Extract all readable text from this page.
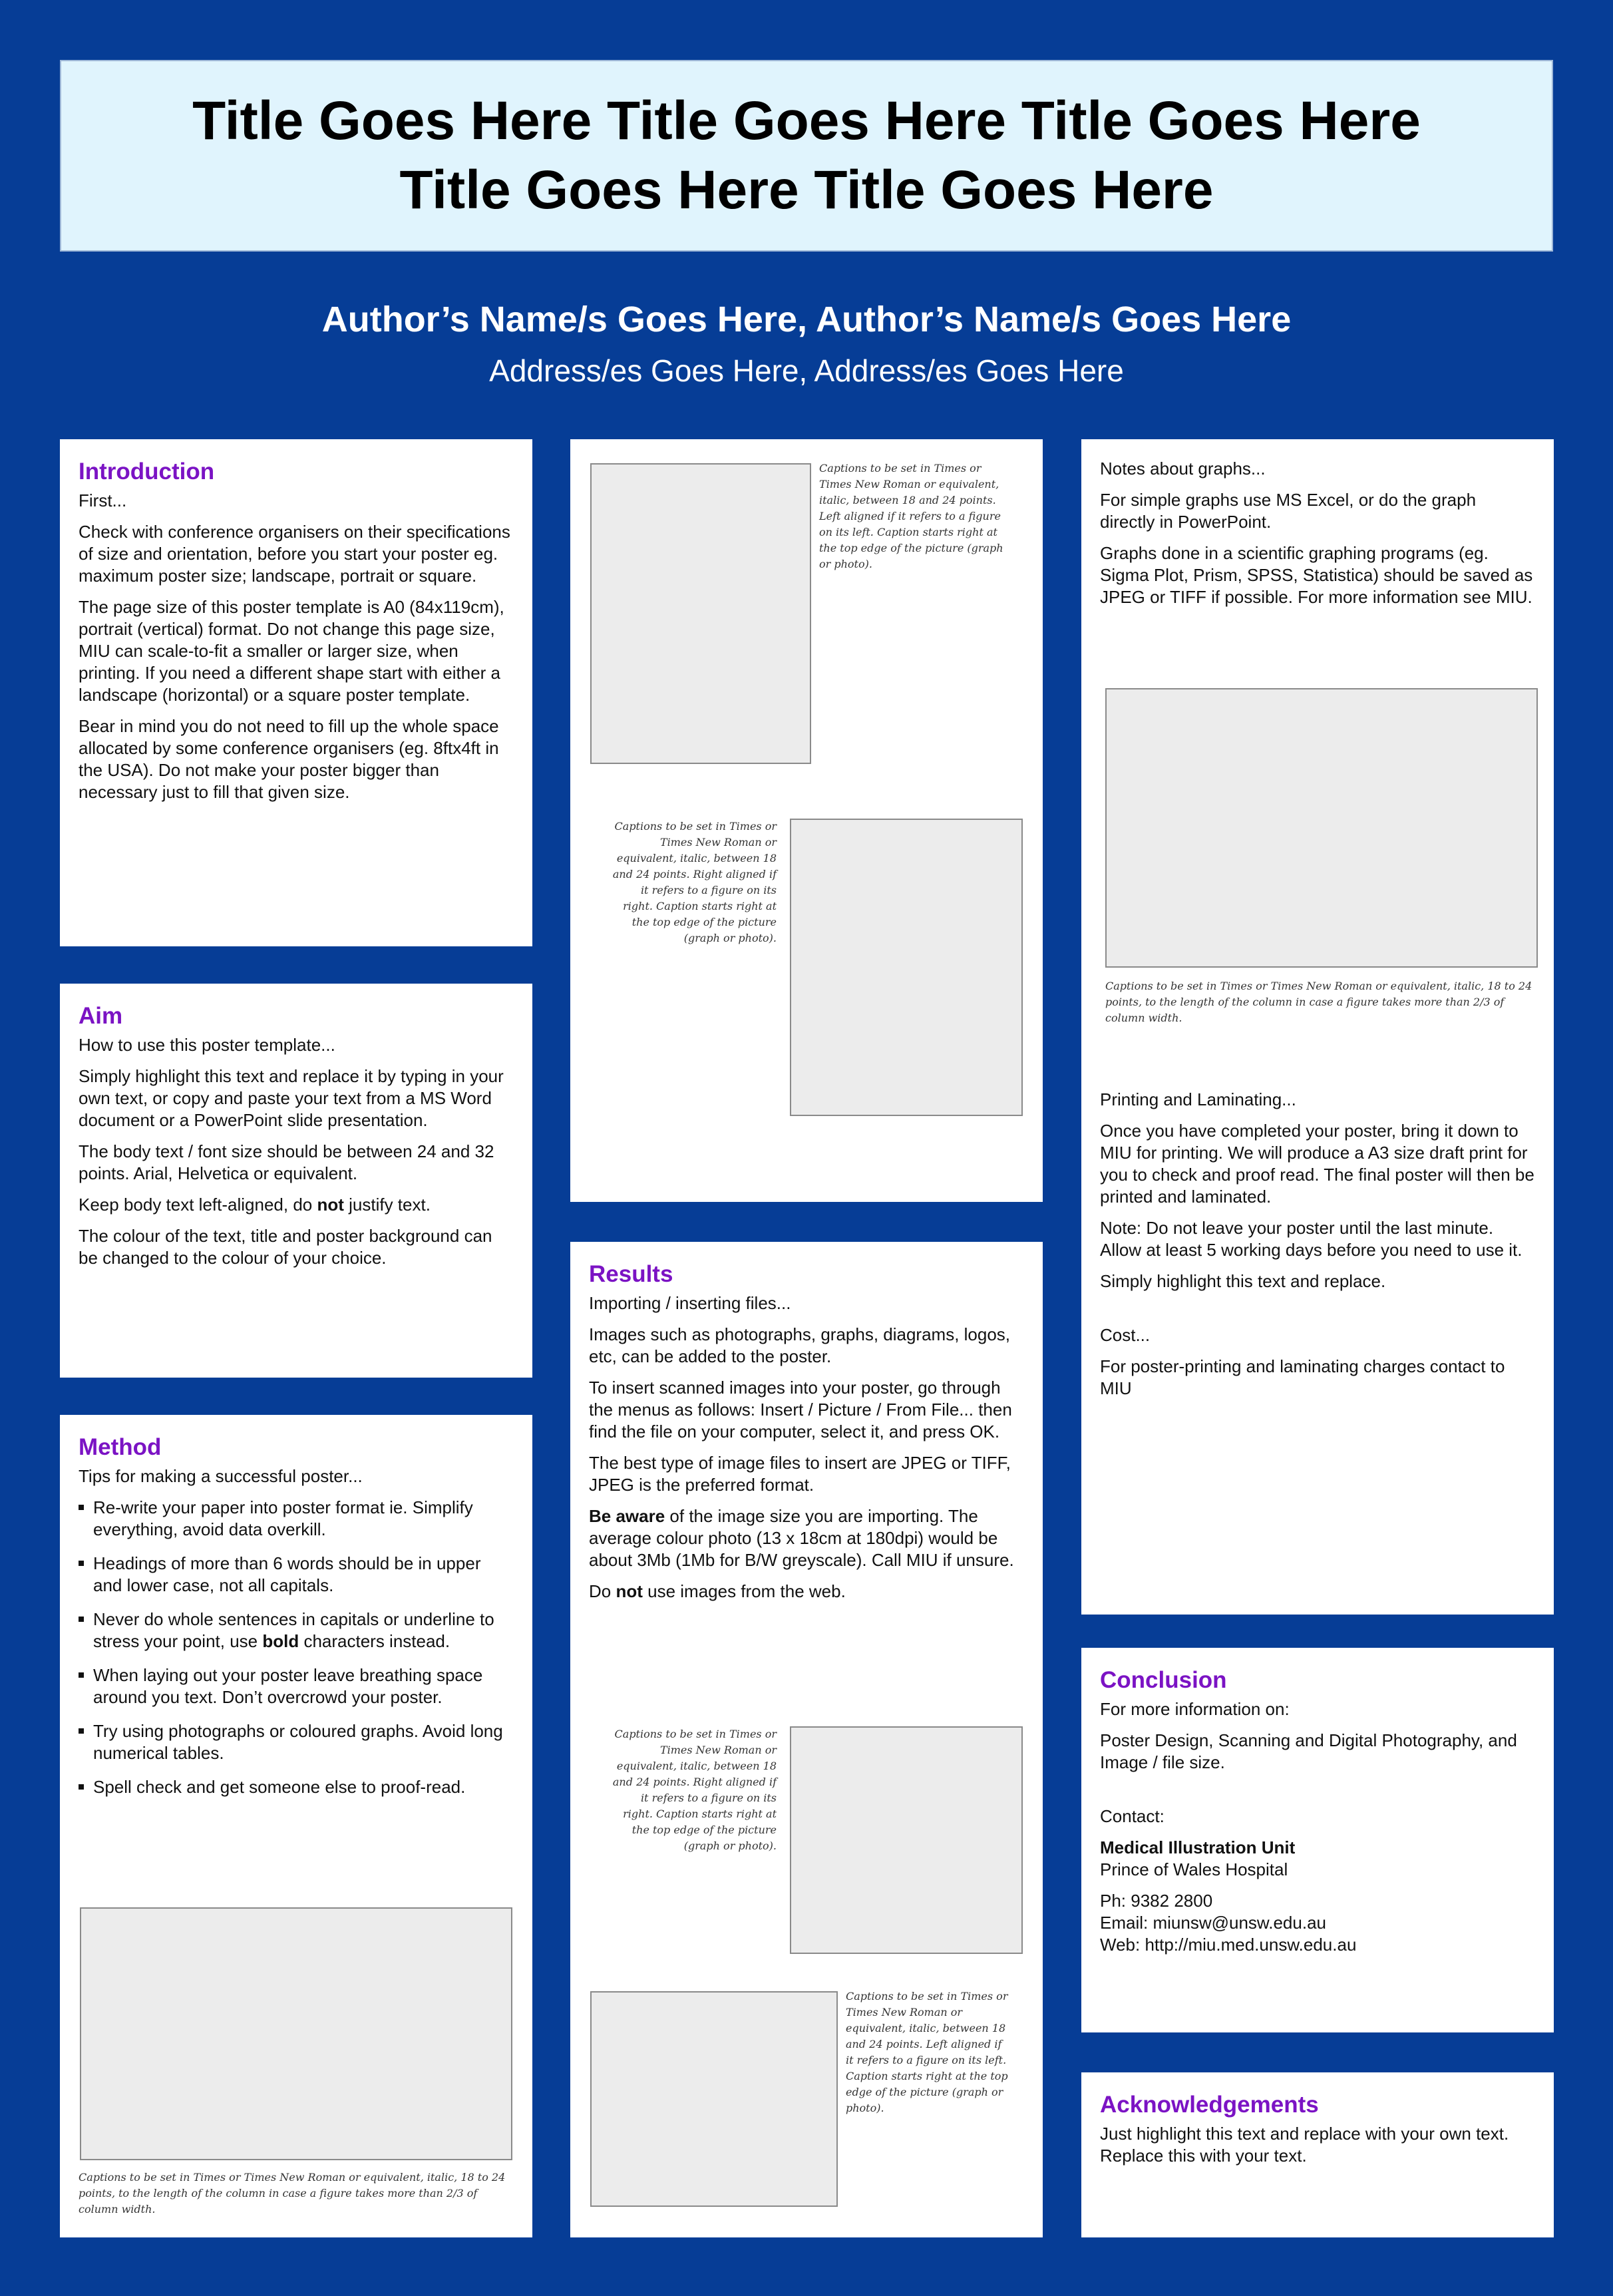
Title Goes Here Title Goes Here Title Goes Here
Title Goes Here Title Goes Here
Author’s Name/s Goes Here, Author’s Name/s Goes Here
Address/es Goes Here, Address/es Goes Here
Introduction
First...
Check with conference organisers on their specifications of size and orientation, before you start your poster eg. maximum poster size; landscape, portrait or square.
The page size of this poster template is A0 (84x119cm), portrait (vertical) format. Do not change this page size, MIU can scale-to-fit a smaller or larger size, when printing. If you need a different shape start with either a landscape (horizontal) or a square poster template.
Bear in mind you do not need to fill up the whole space allocated by some conference organisers (eg. 8ftx4ft in the USA). Do not make your poster bigger than necessary just to fill that given size.
Aim
How to use this poster template...
Simply highlight this text and replace it by typing in your own text, or copy and paste your text from a MS Word document or a PowerPoint slide presentation.
The body text / font size should be between 24 and 32 points. Arial, Helvetica or equivalent.
Keep body text left-aligned, do not justify text.
The colour of the text, title and poster background can be changed to the colour of your choice.
Method
Tips for making a successful poster...
Re-write your paper into poster format ie. Simplify everything, avoid data overkill.
Headings of more than 6 words should be in upper and lower case, not all capitals.
Never do whole sentences in capitals or underline to stress your point, use bold characters instead.
When laying out your poster leave breathing space around you text. Don’t overcrowd your poster.
Try using photographs or coloured graphs. Avoid long numerical tables.
Spell check and get someone else to proof-read.
Captions to be set in Times or Times New Roman or equivalent, italic, 18 to 24 points, to the length of the column in case a figure takes more than 2/3 of column width.
Captions to be set in Times or Times New Roman or equivalent, italic, between 18 and 24 points. Left aligned if it refers to a figure on its left. Caption starts right at the top edge of the picture (graph or photo).
Captions to be set in Times or Times New Roman or equivalent, italic, between 18 and 24 points. Right aligned if it refers to a figure on its right. Caption starts right at the top edge of the picture (graph or photo).
Results
Importing / inserting files...
Images such as photographs, graphs, diagrams, logos, etc, can be added to the poster.
To insert scanned images into your poster, go through the menus as follows: Insert / Picture / From File... then find the file on your computer, select it, and press OK.
The best type of image files to insert are JPEG or TIFF, JPEG is the preferred format.
Be aware of the image size you are importing. The average colour photo (13 x 18cm at 180dpi) would be about 3Mb (1Mb for B/W greyscale). Call MIU if unsure.
Do not use images from the web.
Captions to be set in Times or Times New Roman or equivalent, italic, between 18 and 24 points. Right aligned if it refers to a figure on its right. Caption starts right at the top edge of the picture (graph or photo).
Captions to be set in Times or Times New Roman or equivalent, italic, between 18 and 24 points. Left aligned if it refers to a figure on its left. Caption starts right at the top edge of the picture (graph or photo).
Notes about graphs...
For simple graphs use MS Excel, or do the graph directly in PowerPoint.
Graphs done in a scientific graphing programs (eg. Sigma Plot, Prism, SPSS, Statistica) should be saved as JPEG or TIFF if possible. For more information see MIU.
Captions to be set in Times or Times New Roman or equivalent, italic, 18 to 24 points, to the length of the column in case a figure takes more than 2/3 of column width.
Printing and Laminating...
Once you have completed your poster, bring it down to MIU for printing. We will produce a A3 size draft print for you to check and proof read. The final poster will then be printed and laminated.
Note: Do not leave your poster until the last minute. Allow at least 5 working days before you need to use it.
Simply highlight this text and replace.
Cost...
For poster-printing and laminating charges contact to MIU
Conclusion
For more information on:
Poster Design, Scanning and Digital Photography, and Image / file size.
Contact:
Medical Illustration Unit
Prince of Wales Hospital
Ph: 9382 2800
Email: miunsw@unsw.edu.au
Web: http://miu.med.unsw.edu.au
Acknowledgements
Just highlight this text and replace with your own text. Replace this with your text.
